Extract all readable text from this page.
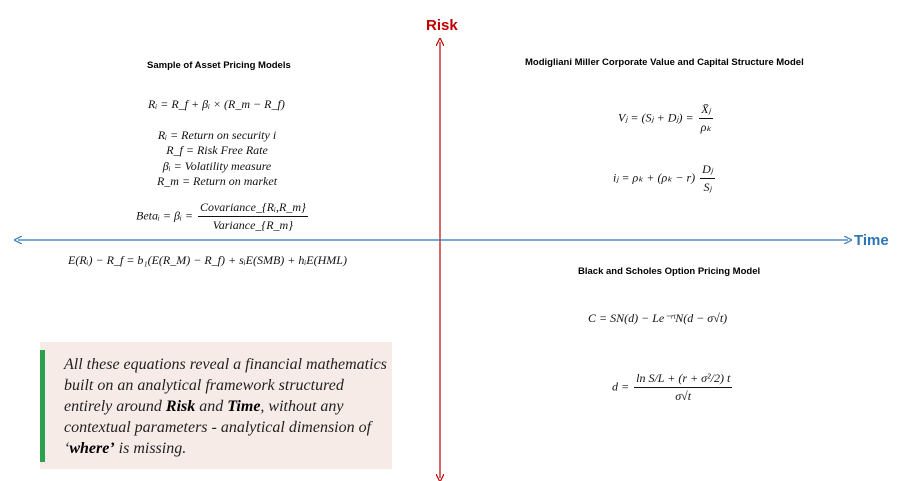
Risk
Time
Sample of Asset Pricing Models
Rᵢ = R_f + βᵢ × (R_m − R_f)
Rᵢ = Return on security i
R_f = Risk Free Rate
βᵢ = Volatility measure
R_m = Return on market
Betaᵢ = βᵢ = $\frac{\text{Covariance\_\{Rᵢ,R\_m\}}}{\text{Variance\_\{R\_m\}}}$
E(Rᵢ) − R_f = b₁(E(R_M) − R_f) + sᵢE(SMB) + hᵢE(HML)
Modigliani Miller Corporate Value and Capital Structure Model
Vⱼ = (Sⱼ + Dⱼ) = $\frac{\text{X̄ⱼ}}{\text{ρₖ}}$
iⱼ = $\rho_k + (\rho_k - r) \frac{\text{Dⱼ}}{\text{Sⱼ}}$
Black and Scholes Option Pricing Model
C = SN(d) − Le⁻ʳᵗN(d − σ√t)
$d = \frac{\text{ln S/L + (r + σ²/2) t}}{\sigma√t}$
All these equations reveal a financial mathematics built on an analytical framework structured entirely around Risk and Time, without any contextual parameters - analytical dimension of ‘where’ is missing.
